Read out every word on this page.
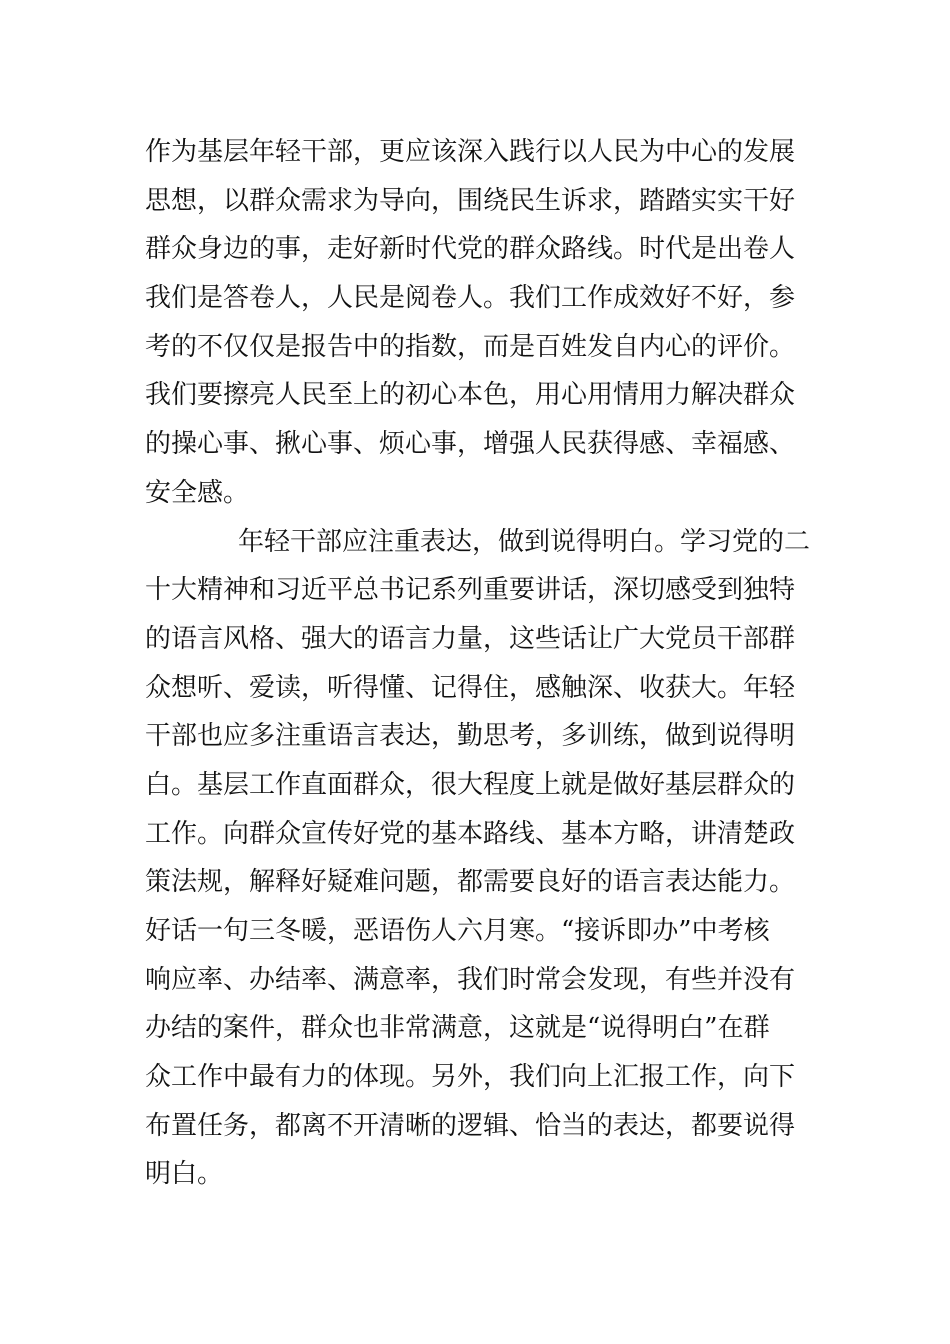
作为基层年轻干部，更应该深入践行以人民为中心的发展
思想，以群众需求为导向，围绕民生诉求，踏踏实实干好
群众身边的事，走好新时代党的群众路线。时代是出卷人
我们是答卷人，人民是阅卷人。我们工作成效好不好，参
考的不仅仅是报告中的指数，而是百姓发自内心的评价。
我们要擦亮人民至上的初心本色，用心用情用力解决群众
的操心事、揪心事、烦心事，增强人民获得感、幸福感、
安全感。
年轻干部应注重表达，做到说得明白。学习党的二
十大精神和习近平总书记系列重要讲话，深切感受到独特
的语言风格、强大的语言力量，这些话让广大党员干部群
众想听、爱读，听得懂、记得住，感触深、收获大。年轻
干部也应多注重语言表达，勤思考，多训练，做到说得明
白。基层工作直面群众，很大程度上就是做好基层群众的
工作。向群众宣传好党的基本路线、基本方略，讲清楚政
策法规，解释好疑难问题，都需要良好的语言表达能力。
好话一句三冬暖，恶语伤人六月寒。“接诉即办”中考核
响应率、办结率、满意率，我们时常会发现，有些并没有
办结的案件，群众也非常满意，这就是“说得明白”在群
众工作中最有力的体现。另外，我们向上汇报工作，向下
布置任务，都离不开清晰的逻辑、恰当的表达，都要说得
明白。
